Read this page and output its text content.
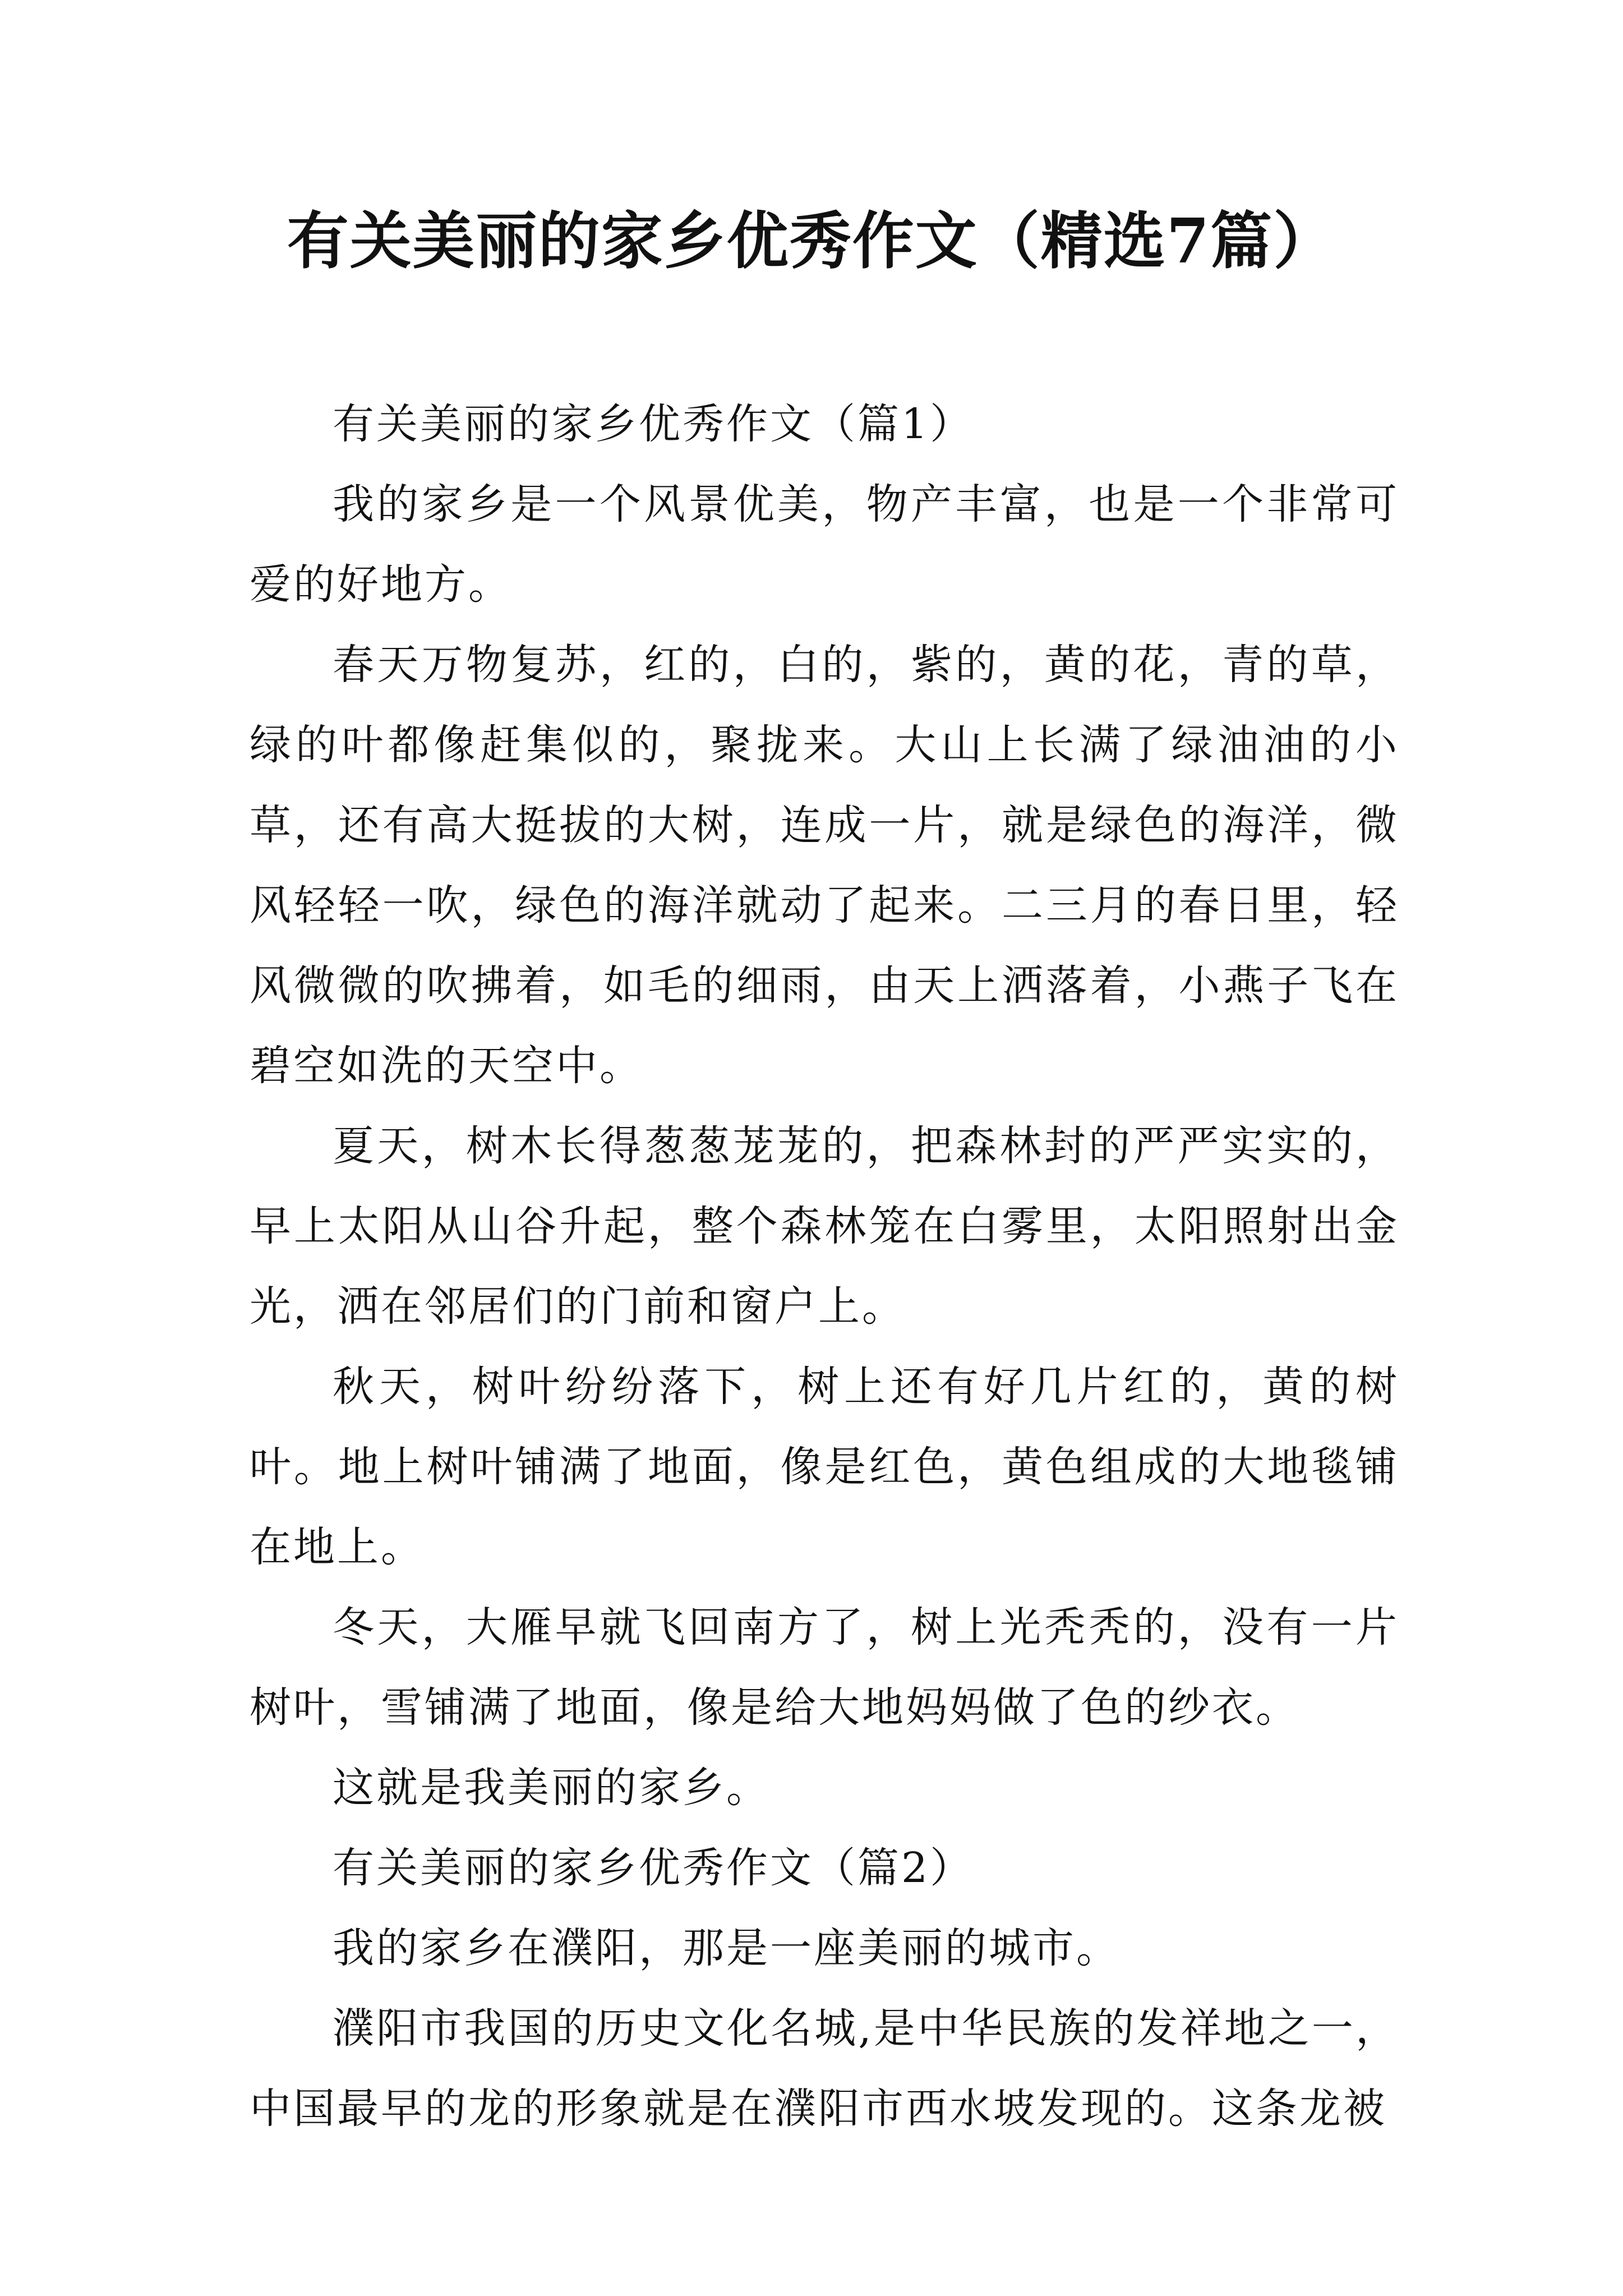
有关美丽的家乡优秀作文（精选7篇）

有关美丽的家乡优秀作文（篇1）

我的家乡是一个风景优美，物产丰富，也是一个非常可爱的好地方。

春天万物复苏，红的，白的，紫的，黄的花，青的草，绿的叶都像赶集似的，聚拢来。大山上长满了绿油油的小草，还有高大挺拔的大树，连成一片，就是绿色的海洋，微风轻轻一吹，绿色的海洋就动了起来。二三月的春日里，轻风微微的吹拂着，如毛的细雨，由天上洒落着，小燕子飞在碧空如洗的天空中。

夏天，树木长得葱葱茏茏的，把森林封的严严实实的，早上太阳从山谷升起，整个森林笼在白雾里，太阳照射出金光，洒在邻居们的门前和窗户上。

秋天，树叶纷纷落下，树上还有好几片红的，黄的树叶。地上树叶铺满了地面，像是红色，黄色组成的大地毯铺在地上。

冬天，大雁早就飞回南方了，树上光秃秃的，没有一片树叶，雪铺满了地面，像是给大地妈妈做了色的纱衣。

这就是我美丽的家乡。

有关美丽的家乡优秀作文（篇2）

我的家乡在濮阳，那是一座美丽的城市。

濮阳市我国的历史文化名城,是中华民族的发祥地之一，中国最早的龙的形象就是在濮阳市西水坡发现的。这条龙被
